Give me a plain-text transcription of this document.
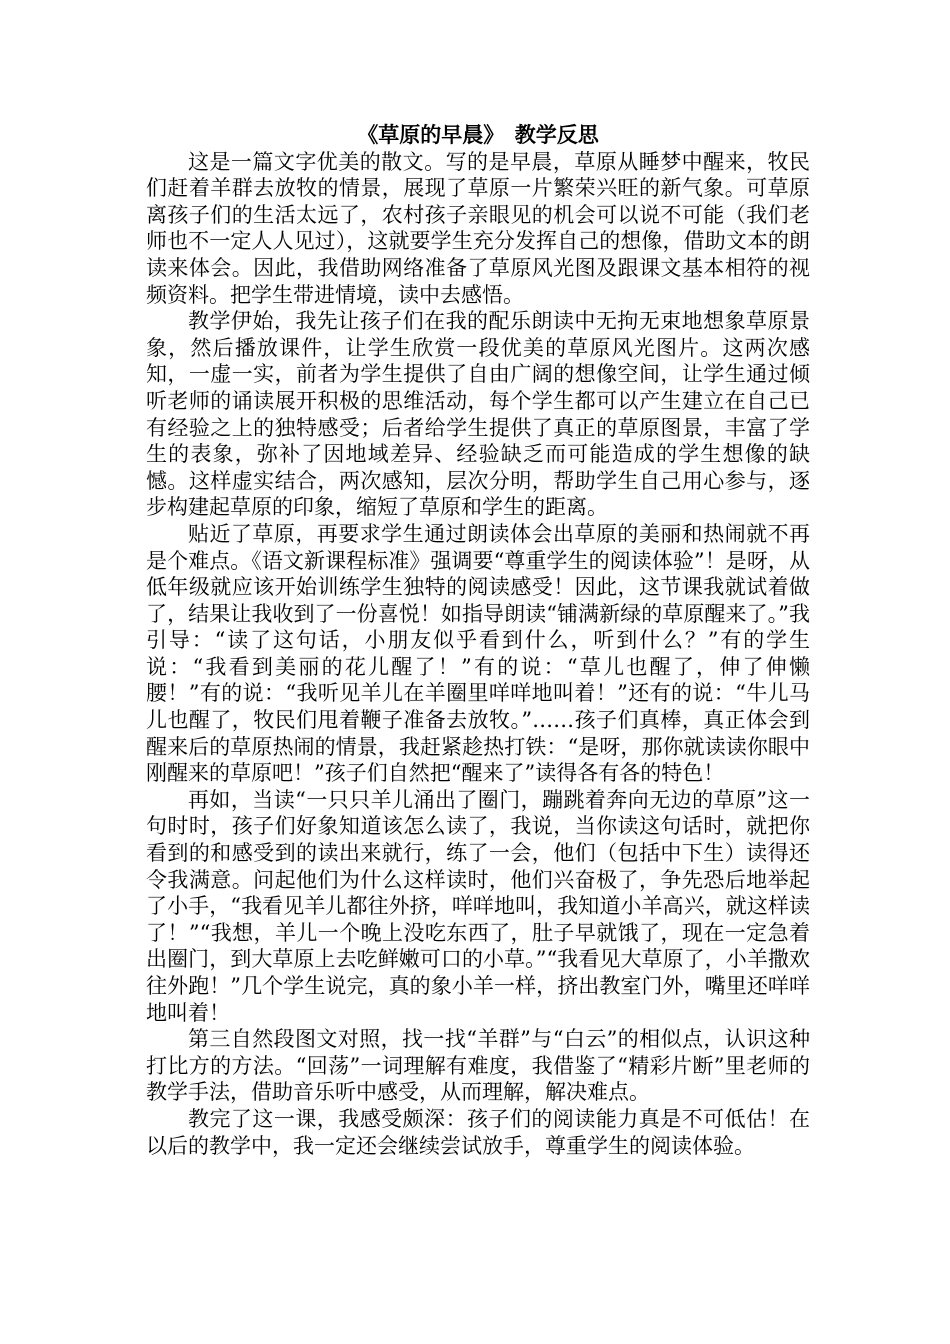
《草原的早晨》　教学反思

这是一篇文字优美的散文。写的是早晨，草原从睡梦中醒来，牧民们赶着羊群去放牧的情景，展现了草原一片繁荣兴旺的新气象。可草原离孩子们的生活太远了，农村孩子亲眼见的机会可以说不可能（我们老师也不一定人人见过），这就要学生充分发挥自己的想像，借助文本的朗读来体会。因此，我借助网络准备了草原风光图及跟课文基本相符的视频资料。把学生带进情境，读中去感悟。

教学伊始，我先让孩子们在我的配乐朗读中无拘无束地想象草原景象，然后播放课件，让学生欣赏一段优美的草原风光图片。这两次感知，一虚一实，前者为学生提供了自由广阔的想像空间，让学生通过倾听老师的诵读展开积极的思维活动，每个学生都可以产生建立在自己已有经验之上的独特感受；后者给学生提供了真正的草原图景，丰富了学生的表象，弥补了因地域差异、经验缺乏而可能造成的学生想像的缺憾。这样虚实结合，两次感知，层次分明，帮助学生自己用心参与，逐步构建起草原的印象，缩短了草原和学生的距离。

贴近了草原，再要求学生通过朗读体会出草原的美丽和热闹就不再是个难点。《语文新课程标准》强调要“尊重学生的阅读体验”！是呀，从低年级就应该开始训练学生独特的阅读感受！因此，这节课我就试着做了，结果让我收到了一份喜悦！如指导朗读“铺满新绿的草原醒来了。”我引导：“读了这句话，小朋友似乎看到什么，听到什么？”有的学生说：“我看到美丽的花儿醒了！”有的说：“草儿也醒了，伸了伸懒腰！”有的说：“我听见羊儿在羊圈里咩咩地叫着！”还有的说：“牛儿马儿也醒了，牧民们甩着鞭子准备去放牧。”……孩子们真棒，真正体会到醒来后的草原热闹的情景，我赶紧趁热打铁：“是呀，那你就读读你眼中刚醒来的草原吧！”孩子们自然把“醒来了”读得各有各的特色！

再如，当读“一只只羊儿涌出了圈门，蹦跳着奔向无边的草原”这一句时时，孩子们好象知道该怎么读了，我说，当你读这句话时，就把你看到的和感受到的读出来就行，练了一会，他们（包括中下生）读得还令我满意。问起他们为什么这样读时，他们兴奋极了，争先恐后地举起了小手，“我看见羊儿都往外挤，咩咩地叫，我知道小羊高兴，就这样读了！”“我想，羊儿一个晚上没吃东西了，肚子早就饿了，现在一定急着出圈门，到大草原上去吃鲜嫩可口的小草。”“我看见大草原了，小羊撒欢往外跑！”几个学生说完，真的象小羊一样，挤出教室门外，嘴里还咩咩地叫着！

第三自然段图文对照，找一找“羊群”与“白云”的相似点，认识这种打比方的方法。“回荡”一词理解有难度，我借鉴了“精彩片断”里老师的教学手法，借助音乐听中感受，从而理解，解决难点。

教完了这一课，我感受颇深：孩子们的阅读能力真是不可低估！在以后的教学中，我一定还会继续尝试放手，尊重学生的阅读体验。
